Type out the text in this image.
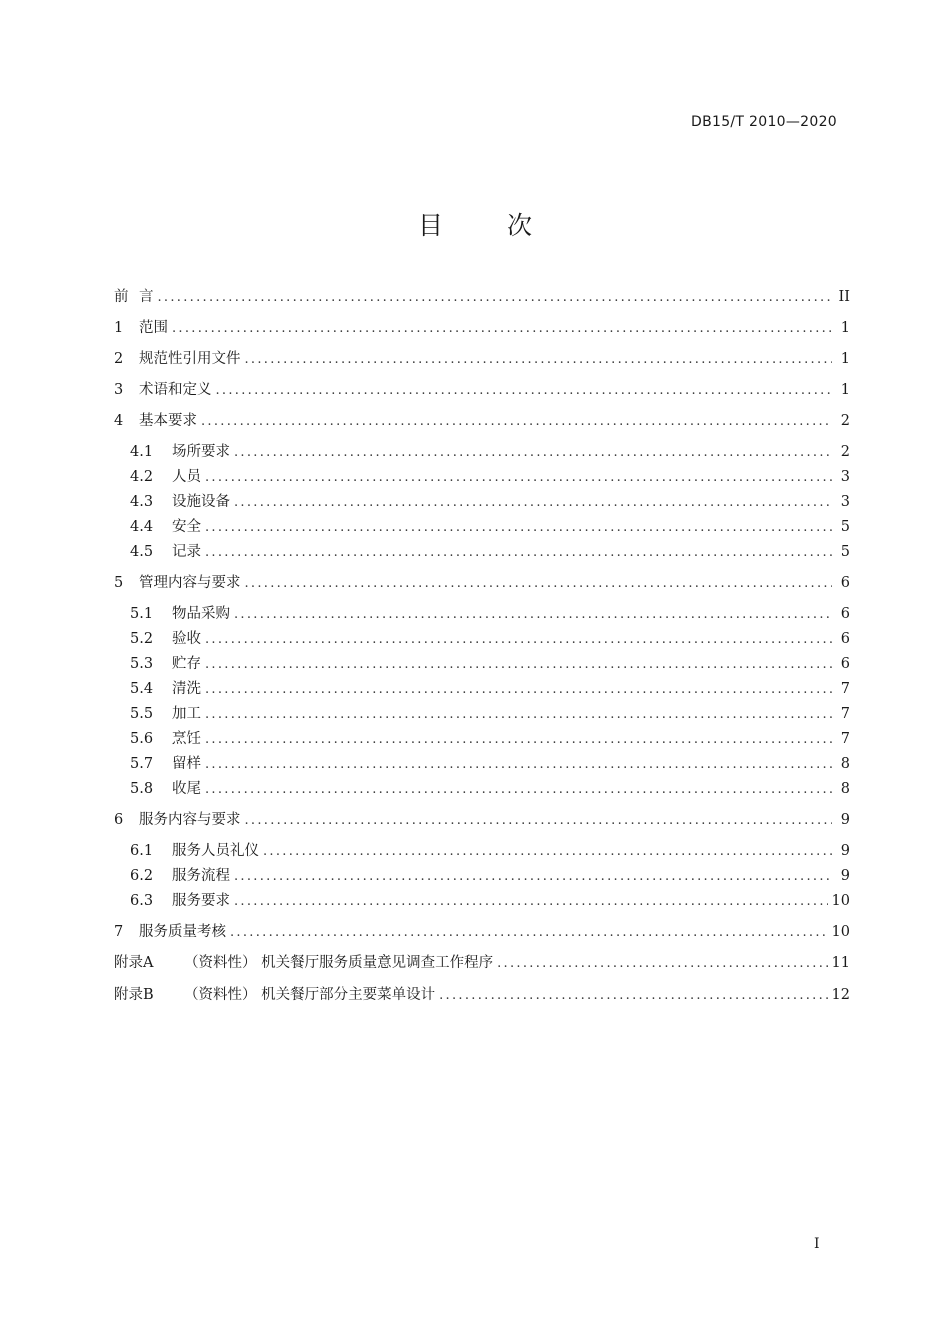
DB15/T 2010—2020
目 次
前 言 .....	II
1	范围 .....	1
2	规范性引用文件 .....	1
3	术语和定义 .....	1
4	基本要求 .....	2
4.1	场所要求 .....	2
4.2	人员 .....	3
4.3	设施设备 .....	3
4.4	安全 .....	5
4.5	记录 .....	5
5	管理内容与要求 .....	6
5.1	物品采购 .....	6
5.2	验收 .....	6
5.3	贮存 .....	6
5.4	清洗 .....	7
5.5	加工 .....	7
5.6	烹饪 .....	7
5.7	留样 .....	8
5.8	收尾 .....	8
6	服务内容与要求 .....	9
6.1	服务人员礼仪 .....	9
6.2	服务流程 .....	9
6.3	服务要求 .....	10
7	服务质量考核 .....	10
附录A	（资料性） 机关餐厅服务质量意见调查工作程序 .....	11
附录B	（资料性） 机关餐厅部分主要菜单设计 .....	12
I
